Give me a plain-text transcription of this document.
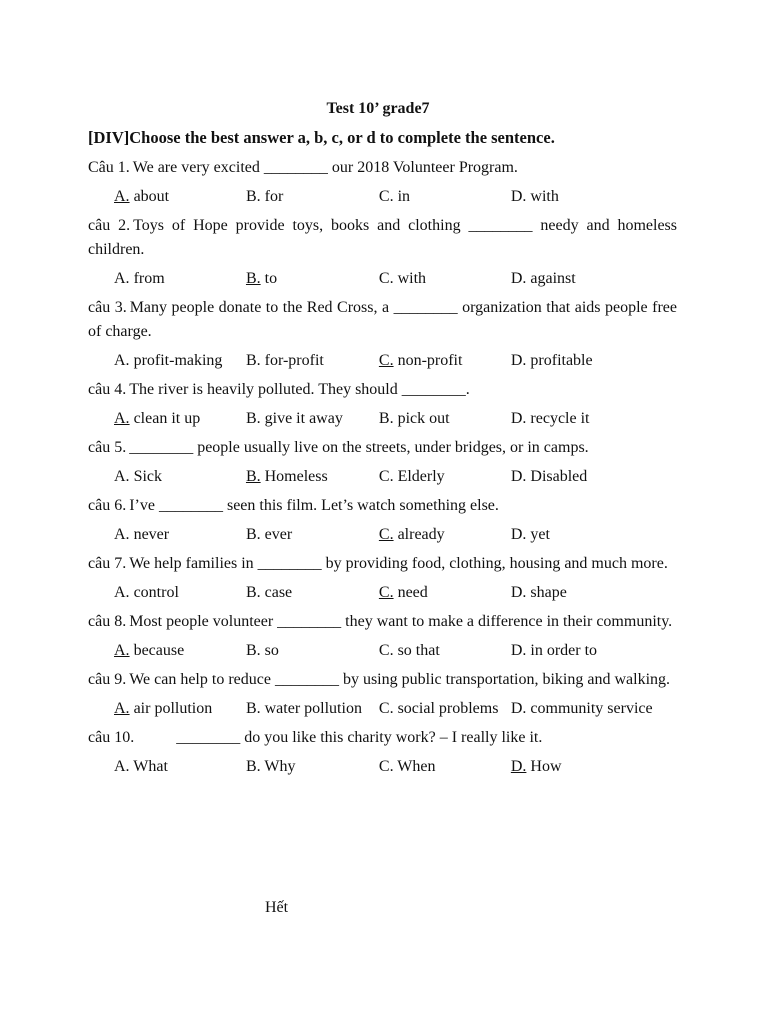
Test 10’ grade7
[DIV]Choose the best answer a, b, c, or d to complete the sentence.

Câu 1. We are very excited ________ our 2018 Volunteer Program.

A. about	B. for	C. in	D. with

câu 2. Toys of Hope provide toys, books and clothing ________ needy and homeless children.

A. from	B. to	C. with	D. against

câu 3. Many people donate to the Red Cross, a ________ organization that aids people free of charge.

A. profit-making	B. for-profit	C. non-profit	D. profitable

câu 4. The river is heavily polluted. They should ________.

A. clean it up	B. give it away	B. pick out	D. recycle it

câu 5. ________ people usually live on the streets, under bridges, or in camps.

A. Sick	B. Homeless	C. Elderly	D. Disabled

câu 6. I’ve ________ seen this film. Let’s watch something else.

A. never	B. ever	C. already	D. yet

câu 7. We help families in ________ by providing food, clothing, housing and much more.

A. control	B. case	C. need	D. shape

câu 8. Most people volunteer ________ they want to make a difference in their community.

A. because	B. so	C. so that	D. in order to

câu 9. We can help to reduce ________ by using public transportation, biking and walking.

A. air pollution	B. water pollution	C. social problems D. community service

câu 10.	________ do you like this charity work? – I really like it.

A. What	B. Why	C. When	D. How
Hết
